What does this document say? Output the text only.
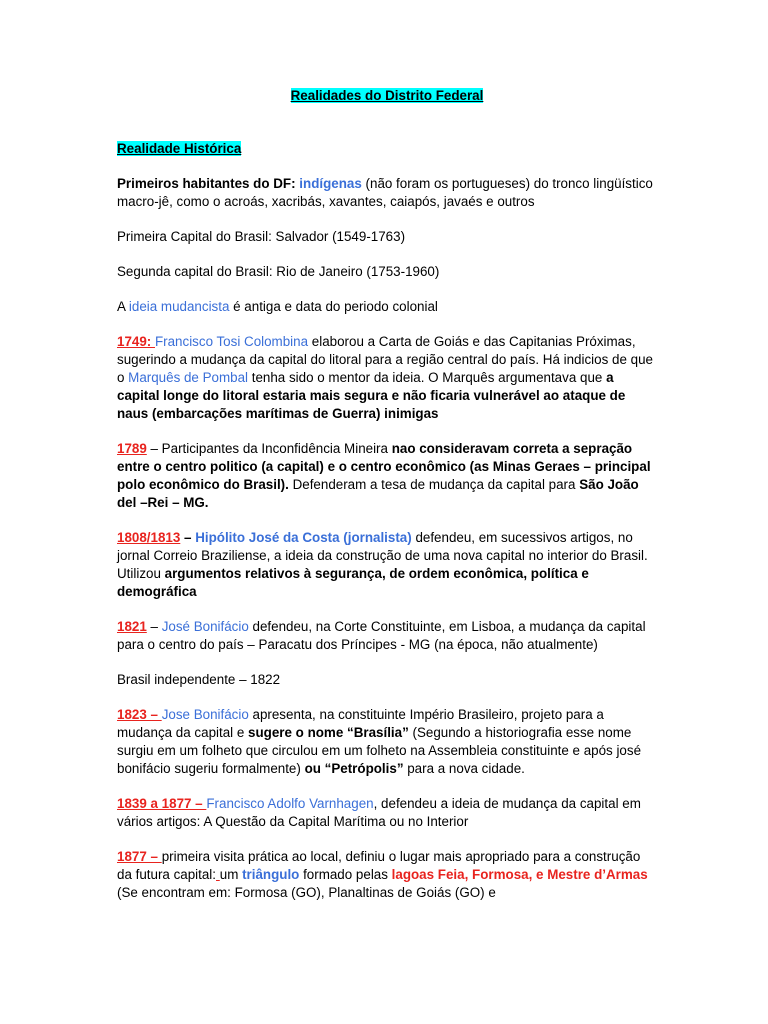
Realidades do Distrito Federal
Realidade Histórica

Primeiros habitantes do DF: indígenas (não foram os portugueses) do tronco lingüístico macro-jê, como o acroás, xacribás, xavantes, caiapós, javaés e outros

Primeira Capital do Brasil: Salvador (1549-1763)

Segunda capital do Brasil: Rio de Janeiro (1753-1960)

A ideia mudancista é antiga e data do periodo colonial

1749: Francisco Tosi Colombina elaborou a Carta de Goiás e das Capitanias Próximas, sugerindo a mudança da capital do litoral para a região central do país. Há indicios de que o Marquês de Pombal tenha sido o mentor da ideia. O Marquês argumentava que a capital longe do litoral estaria mais segura e não ficaria vulnerável ao ataque de naus (embarcações marítimas de Guerra) inimigas

1789 – Participantes da Inconfidência Mineira nao consideravam correta a sepração entre o centro politico (a capital) e o centro econômico (as Minas Geraes – principal polo econômico do Brasil). Defenderam a tesa de mudança da capital para São João del –Rei – MG.

1808/1813 – Hipólito José da Costa (jornalista) defendeu, em sucessivos artigos, no jornal Correio Braziliense, a ideia da construção de uma nova capital no interior do Brasil. Utilizou argumentos relativos à segurança, de ordem econômica, política e demográfica

1821 – José Bonifácio defendeu, na Corte Constituinte, em Lisboa, a mudança da capital para o centro do país – Paracatu dos Príncipes - MG (na época, não atualmente)

Brasil independente – 1822

1823 – Jose Bonifácio apresenta, na constituinte Império Brasileiro, projeto para a mudança da capital e sugere o nome “Brasília” (Segundo a historiografia esse nome surgiu em um folheto que circulou em um folheto na Assembleia constituinte e após josé bonifácio sugeriu formalmente) ou “Petrópolis” para a nova cidade.

1839 a 1877 – Francisco Adolfo Varnhagen, defendeu a ideia de mudança da capital em vários artigos: A Questão da Capital Marítima ou no Interior

1877 – primeira visita prática ao local, definiu o lugar mais apropriado para a construção da futura capital: um triângulo formado pelas lagoas Feia, Formosa, e Mestre d’Armas (Se encontram em: Formosa (GO), Planaltinas de Goiás (GO) e
